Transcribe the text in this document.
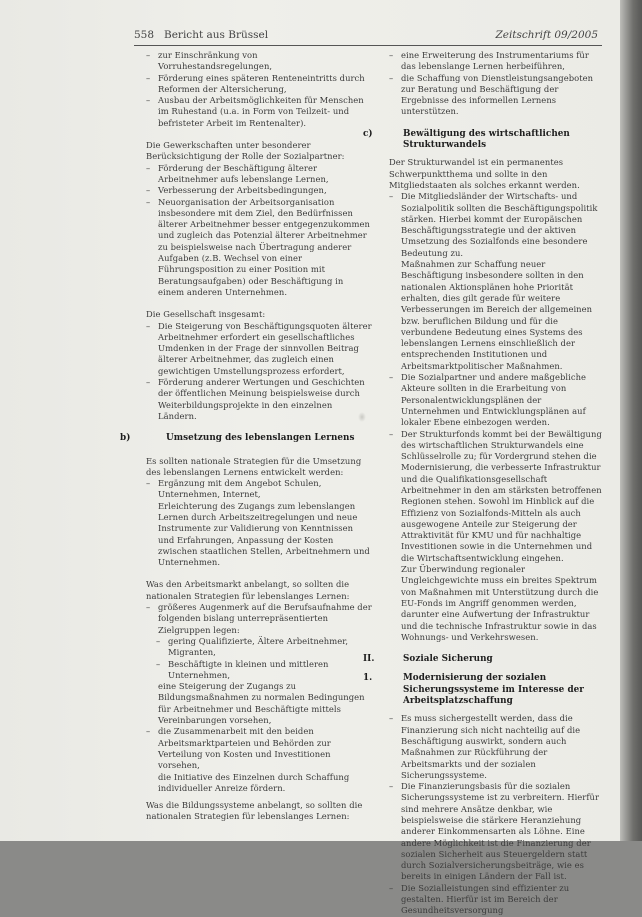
558 Bericht aus Brüssel	Zeitschrift 09/2005

– zur Einschränkung von Vorruhestandsregelungen,

– Förderung eines späteren Renteneintritts durch Reformen der Altersicherung,

– Ausbau der Arbeitsmöglichkeiten für Menschen im Ruhestand (u.a. in Form von Teilzeit- und befristeter Arbeit im Rentenalter).

Die Gewerkschaften unter besonderer Berücksichtigung der Rolle der Sozialpartner:

– Förderung der Beschäftigung älterer Arbeitnehmer aufs lebenslange Lernen,

– Verbesserung der Arbeitsbedingungen,

– Neuorganisation der Arbeitsorganisation insbesondere mit dem Ziel, den Bedürfnissen älterer Arbeitnehmer besser entgegenzukommen und zugleich das Potenzial älterer Arbeitnehmer zu beispielsweise nach Übertragung anderer Aufgaben (z.B. Wechsel von einer Führungsposition zu einer Position mit Beratungsaufgaben) oder Beschäftigung in einem anderen Unternehmen.

Die Gesellschaft insgesamt:

– Die Steigerung von Beschäftigungsquoten älterer Arbeitnehmer erfordert ein gesellschaftliches Umdenken in der Frage der sinnvollen Beitrag älterer Arbeitnehmer, das zugleich einen gewichtigen Umstellungsprozess erfordert,

– Förderung anderer Wertungen und Geschichten der öffentlichen Meinung beispielsweise durch Weiterbildungsprojekte in den einzelnen Ländern.

b)	Umsetzung des lebenslangen Lernens

Es sollten nationale Strategien für die Umsetzung des lebenslangen Lernens entwickelt werden:

– Ergänzung mit dem Angebot Schulen, Unternehmen, Internet,

Erleichterung des Zugangs zum lebenslangen Lernen durch Arbeitszeitregelungen und neue Instrumente zur Validierung von Kenntnissen und Erfahrungen, Anpassung der Kosten zwischen staatlichen Stellen, Arbeitnehmern und Unternehmen.

Was den Arbeitsmarkt anbelangt, so sollten die nationalen Strategien für lebenslanges Lernen:

– größeres Augenmerk auf die Berufsaufnahme der folgenden bislang unterrepräsentierten Zielgruppen legen:

– gering Qualifizierte, Ältere Arbeitnehmer, Migranten,

– Beschäftigte in kleinen und mittleren Unternehmen,

eine Steigerung der Zugangs zu Bildungsmaßnahmen zu normalen Bedingungen für Arbeitnehmer und Beschäftigte mittels Vereinbarungen vorsehen,

– die Zusammenarbeit mit den beiden Arbeitsmarktparteien und Behörden zur Verteilung von Kosten und Investitionen vorsehen,

die Initiative des Einzelnen durch Schaffung individueller Anreize fördern.

Was die Bildungssysteme anbelangt, so sollten die nationalen Strategien für lebenslanges Lernen:

– eine Erweiterung des Instrumentariums für das lebenslange Lernen herbeiführen,

– die Schaffung von Dienstleistungsangeboten zur Beratung und Beschäftigung der Ergebnisse des informellen Lernens unterstützen.

c)	Bewältigung des wirtschaftlichen Strukturwandels

Der Strukturwandel ist ein permanentes Schwerpunktthema und sollte in den Mitgliedstaaten als solches erkannt werden.

– Die Mitgliedsländer der Wirtschafts- und Sozialpolitik sollten die Beschäftigungspolitik stärken. Hierbei kommt der Europäischen Beschäftigungsstrategie und der aktiven Umsetzung des Sozialfonds eine besondere Bedeutung zu.

Maßnahmen zur Schaffung neuer Beschäftigung insbesondere sollten in den nationalen Aktionsplänen hohe Priorität erhalten, dies gilt gerade für weitere Verbesserungen im Bereich der allgemeinen bzw. beruflichen Bildung und für die verbundene Bedeutung eines Systems des lebenslangen Lernens einschließlich der entsprechenden Institutionen und Arbeitsmarktpolitischer Maßnahmen.

– Die Sozialpartner und andere maßgebliche Akteure sollten in die Erarbeitung von Personalentwicklungsplänen der Unternehmen und Entwicklungsplänen auf lokaler Ebene einbezogen werden.

– Der Strukturfonds kommt bei der Bewältigung des wirtschaftlichen Strukturwandels eine Schlüsselrolle zu; für Vordergrund stehen die Modernisierung, die verbesserte Infrastruktur und die Qualifikationsgesellschaft Arbeitnehmer in den am stärksten betroffenen Regionen stehen. Sowohl im Hinblick auf die Effizienz von Sozialfonds-Mitteln als auch ausgewogene Anteile zur Steigerung der Attraktivität für KMU und für nachhaltige Investitionen sowie in die Unternehmen und die Wirtschaftsentwicklung eingehen.

Zur Überwindung regionaler Ungleichgewichte muss ein breites Spektrum von Maßnahmen mit Unterstützung durch die EU-Fonds im Angriff genommen werden, darunter eine Aufwertung der Infrastruktur und die technische Infrastruktur sowie in das Wohnungs- und Verkehrswesen.

II.	Soziale Sicherung

1.	Modernisierung der sozialen Sicherungssysteme im Interesse der Arbeitsplatzschaffung

– Es muss sichergestellt werden, dass die Finanzierung sich nicht nachteilig auf die Beschäftigung auswirkt, sondern auch Maßnahmen zur Rückführung der Arbeitsmarkts und der sozialen Sicherungssysteme.

– Die Finanzierungsbasis für die sozialen Sicherungssysteme ist zu verbreitern. Hierfür sind mehrere Ansätze denkbar, wie beispielsweise die stärkere Heranziehung anderer Einkommensarten als Löhne. Eine andere Möglichkeit ist die Finanzierung der sozialen Sicherheit aus Steuergeldern statt durch Sozialversicherungsbeiträge, wie es bereits in einigen Ländern der Fall ist.

– Die Sozialleistungen sind effizienter zu gestalten. Hierfür ist im Bereich der Gesundheitsversorgung
